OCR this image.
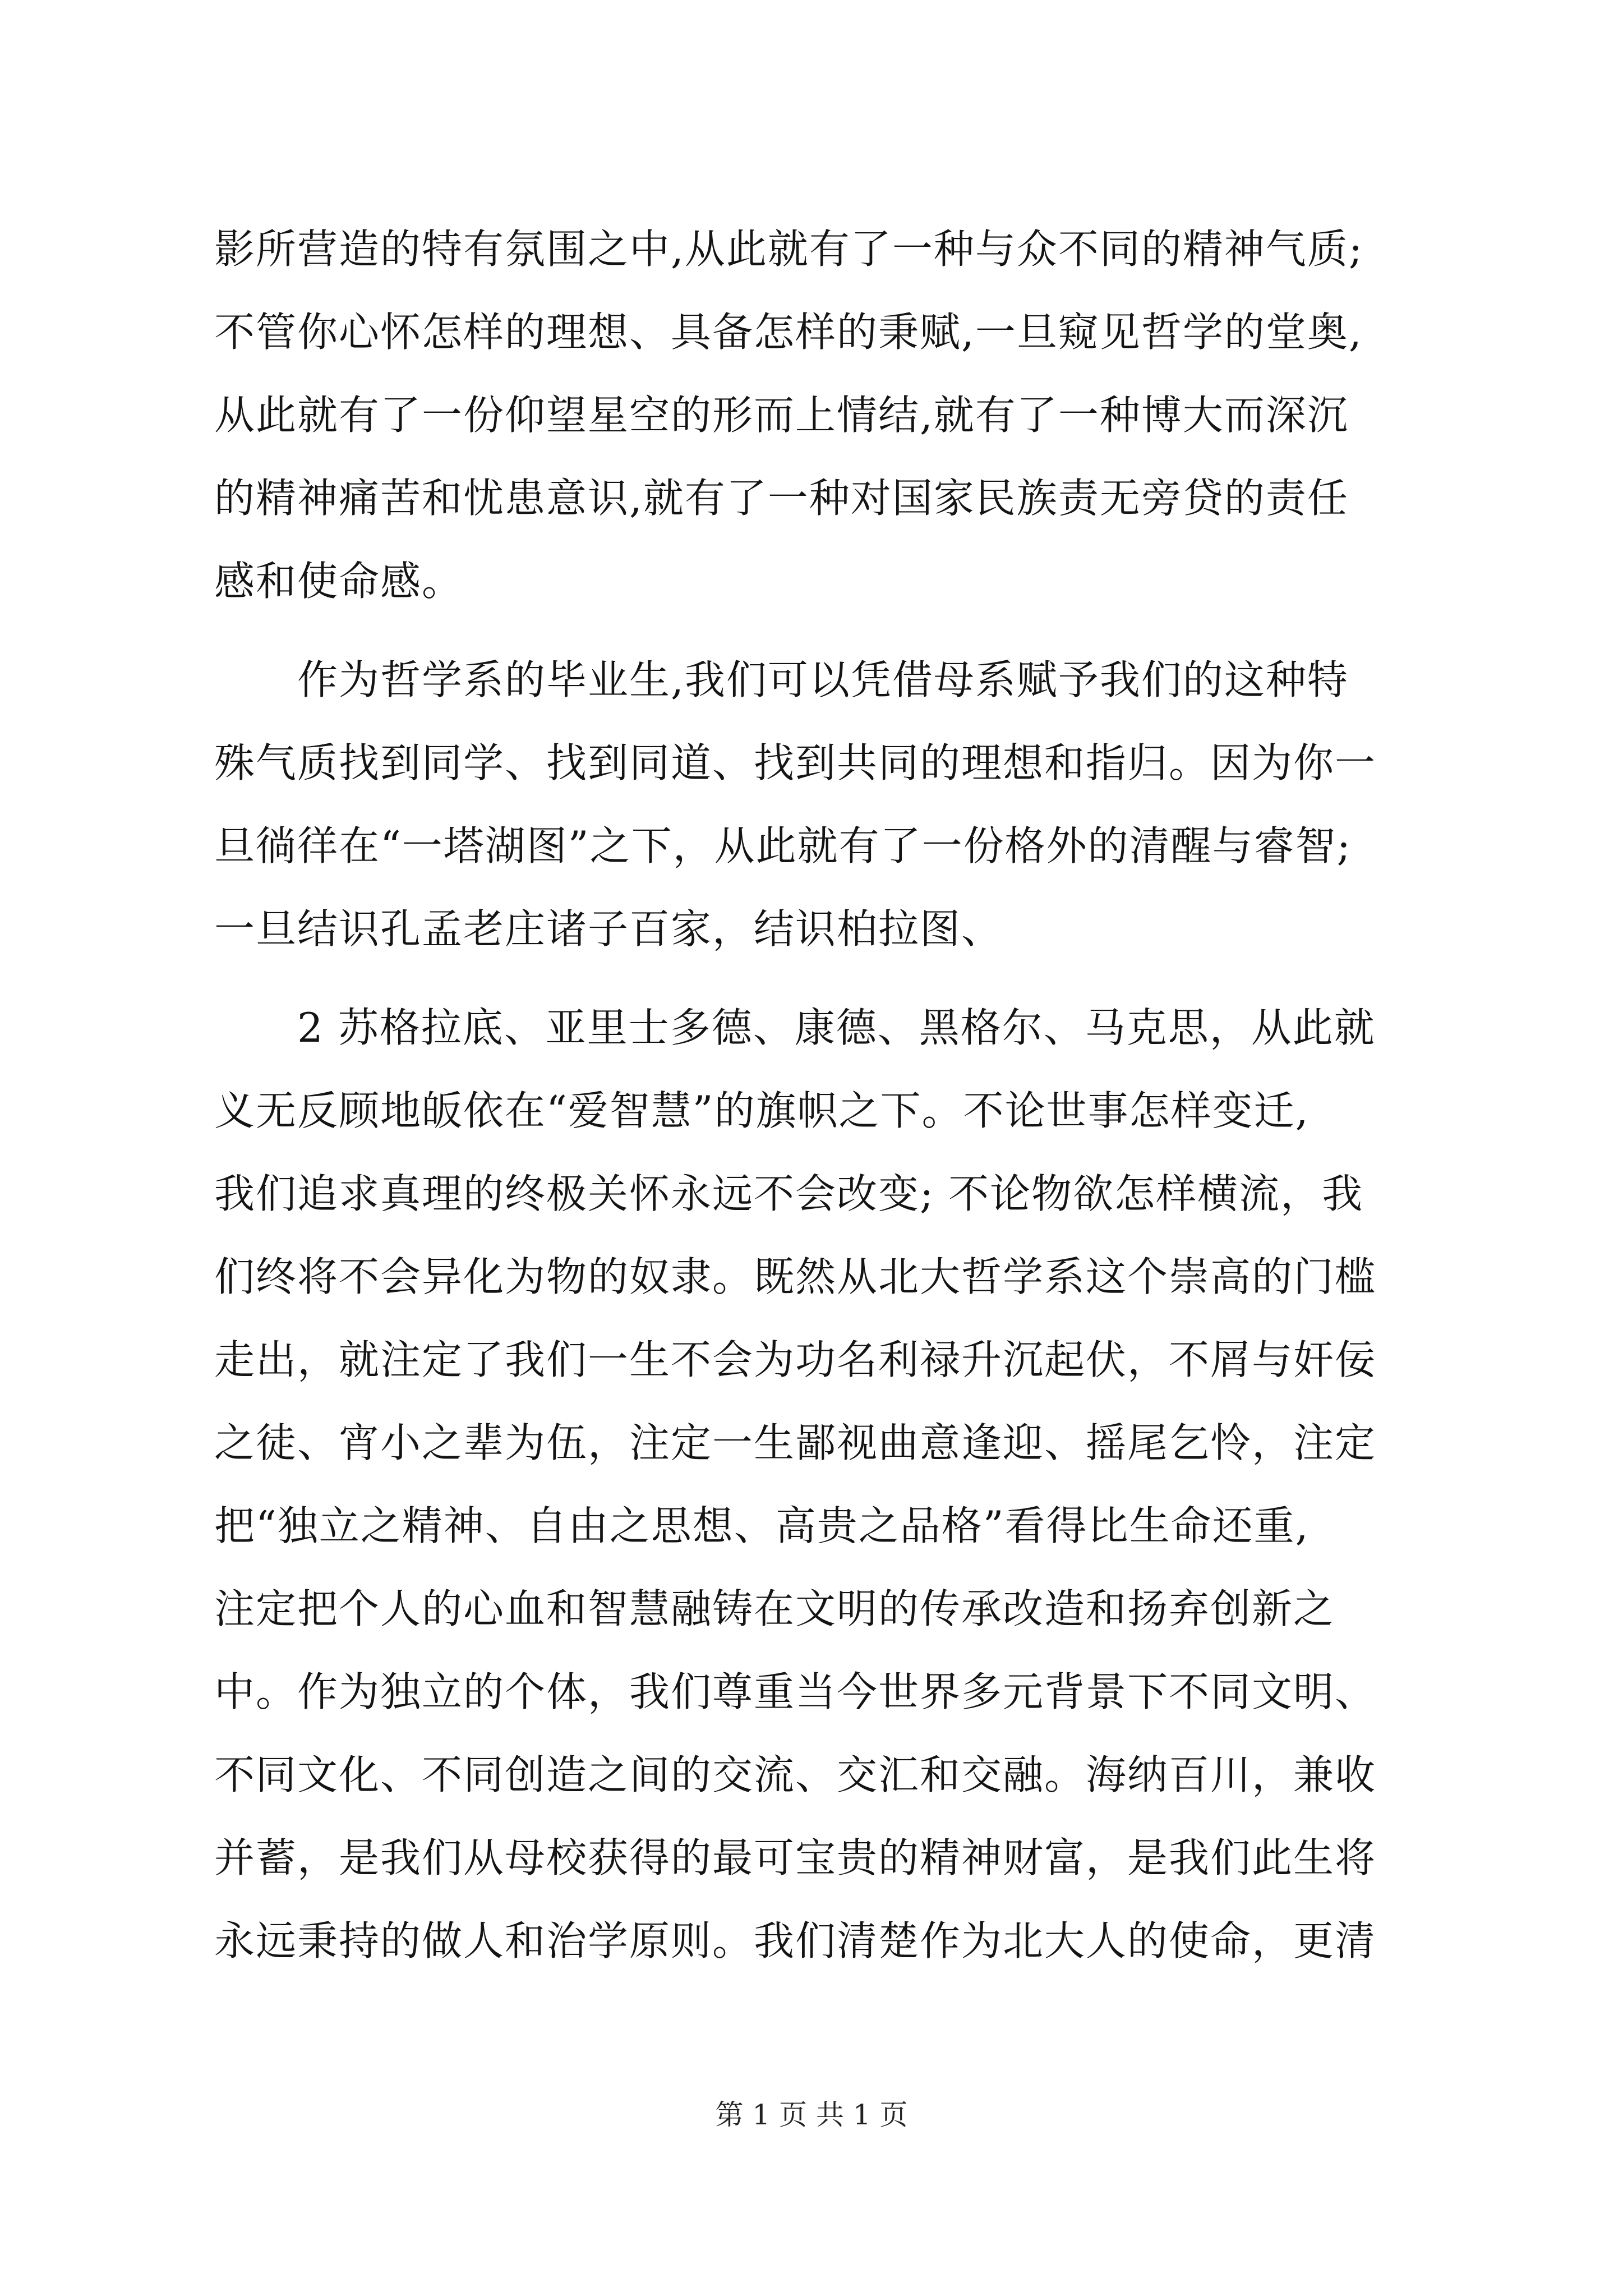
影所营造的特有氛围之中,从此就有了一种与众不同的精神气质;
不管你心怀怎样的理想、具备怎样的秉赋,一旦窥见哲学的堂奥,
从此就有了一份仰望星空的形而上情结,就有了一种博大而深沉
的精神痛苦和忧患意识,就有了一种对国家民族责无旁贷的责任
感和使命感。
作为哲学系的毕业生,我们可以凭借母系赋予我们的这种特
殊气质找到同学、找到同道、找到共同的理想和指归。因为你一
旦徜徉在“一塔湖图”之下，从此就有了一份格外的清醒与睿智;
一旦结识孔孟老庄诸子百家，结识柏拉图、
2 苏格拉底、亚里士多德、康德、黑格尔、马克思，从此就
义无反顾地皈依在“爱智慧”的旗帜之下。不论世事怎样变迁,
我们追求真理的终极关怀永远不会改变; 不论物欲怎样横流，我
们终将不会异化为物的奴隶。既然从北大哲学系这个崇高的门槛
走出，就注定了我们一生不会为功名利禄升沉起伏，不屑与奸佞
之徒、宵小之辈为伍，注定一生鄙视曲意逢迎、摇尾乞怜，注定
把“独立之精神、自由之思想、高贵之品格”看得比生命还重,
注定把个人的心血和智慧融铸在文明的传承改造和扬弃创新之
中。作为独立的个体，我们尊重当今世界多元背景下不同文明、
不同文化、不同创造之间的交流、交汇和交融。海纳百川，兼收
并蓄，是我们从母校获得的最可宝贵的精神财富，是我们此生将
永远秉持的做人和治学原则。我们清楚作为北大人的使命，更清
第 1 页 共 1 页
